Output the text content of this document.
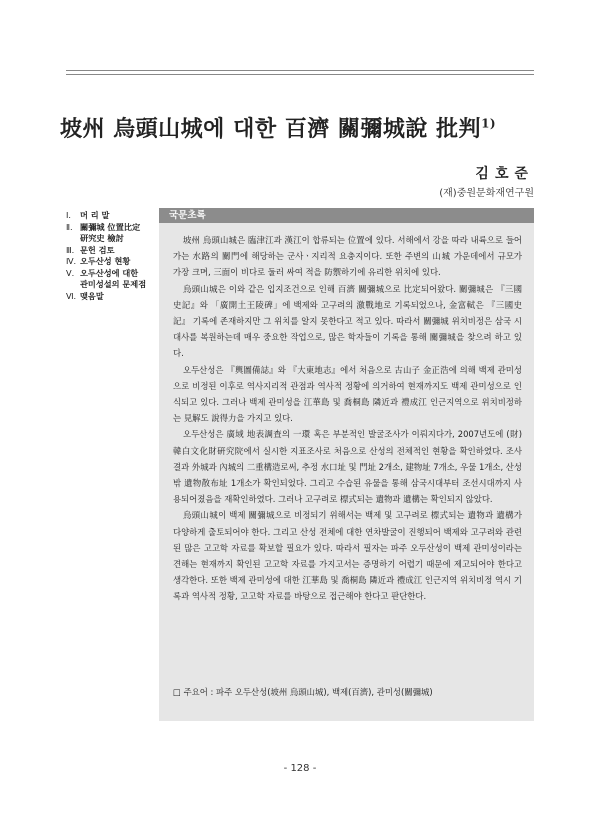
坡州 烏頭山城에 대한 百濟 關彌城說 批判$^{1)}$
김호준
(재)중원문화재연구원
Ⅰ.	머 리 말
Ⅱ. 關彌城 位置比定
研究史 檢討
Ⅲ. 문헌 검토
Ⅳ. 오두산성 현황
Ⅴ. 오두산성에 대한
관미성설의 문제점
Ⅵ. 맺음말
국문초록

坡州 烏頭山城은 臨津江과 漢江이 합류되는 位置에 있다. 서해에서 강을 따라 내륙으로 들어가는 水路의 關門에 해당하는 군사ㆍ지리적 요충지이다. 또한 주변의 山城 가운데에서 규모가 가장 크며, 三面이 비다로 둘러 싸여 적을 防禦하기에 유리한 위치에 있다.

烏頭山城은 이와 같은 입지조건으로 인해 百濟 關彌城으로 比定되어왔다. 關彌城은 『三國史記』와 「廣開土王陵碑」에 백제와 고구려의 激戰地로 기록되었으나, 金富軾은 『三國史記』 기록에 존재하지만 그 위치를 알지 못한다고 적고 있다. 따라서 關彌城 위치비정은 삼국 시대사를 복원하는데 매우 중요한 작업으로, 많은 학자들이 기록을 통해 關彌城을 찾으려 하고 있다.

오두산성은 『輿圖備誌』와 『大東地志』에서 처음으로 古山子 金正浩에 의해 백제 관미성으로 비정된 이후로 역사지리적 관점과 역사적 정황에 의거하여 현재까지도 백제 관미성으로 인식되고 있다. 그러나 백제 관미성을 江華島 및 喬桐島 隣近과 禮成江 인근지역으로 위치비정하는 見解도 說得力을 가지고 있다.

오두산성은 廣域 地表調査의 一環 혹은 부분적인 발굴조사가 이뤄지다가, 2007년도에 (財)韓白文化財硏究院에서 실시한 지표조사로 처음으로 산성의 전체적인 현황을 확인하였다. 조사결과 外城과 內城의 二重構造로써, 추정 水口址 및 門址 2개소, 建物址 7개소, 우물 1개소, 산성 밖 遺物散布址 1개소가 확인되었다. 그리고 수습된 유물을 통해 삼국시대부터 조선시대까지 사용되어졌음을 재확인하였다. 그러나 고구려로 標式되는 遺物과 遺構는 확인되지 않았다.

烏頭山城이 백제 關彌城으로 비정되기 위해서는 백제 및 고구려로 標式되는 遺物과 遺構가 다양하게 출토되어야 한다. 그리고 산성 전체에 대한 연차발굴이 진행되어 백제와 고구려와 관련된 많은 고고학 자료를 확보할 필요가 있다. 따라서 필자는 파주 오두산성이 백제 관미성이라는 견해는 현재까지 확인된 고고학 자료를 가지고서는 증명하기 어렵기 때문에 제고되어야 한다고 생각한다. 또한 백제 관미성에 대한 江華島 및 喬桐島 隣近과 禮成江 인근지역 위치비정 역시 기록과 역사적 정황, 고고학 자료를 바탕으로 접근해야 한다고 판단한다.

□ 주요어 : 파주 오두산성(坡州 烏頭山城), 백제(百濟), 관미성(關彌城)
- 128 -
